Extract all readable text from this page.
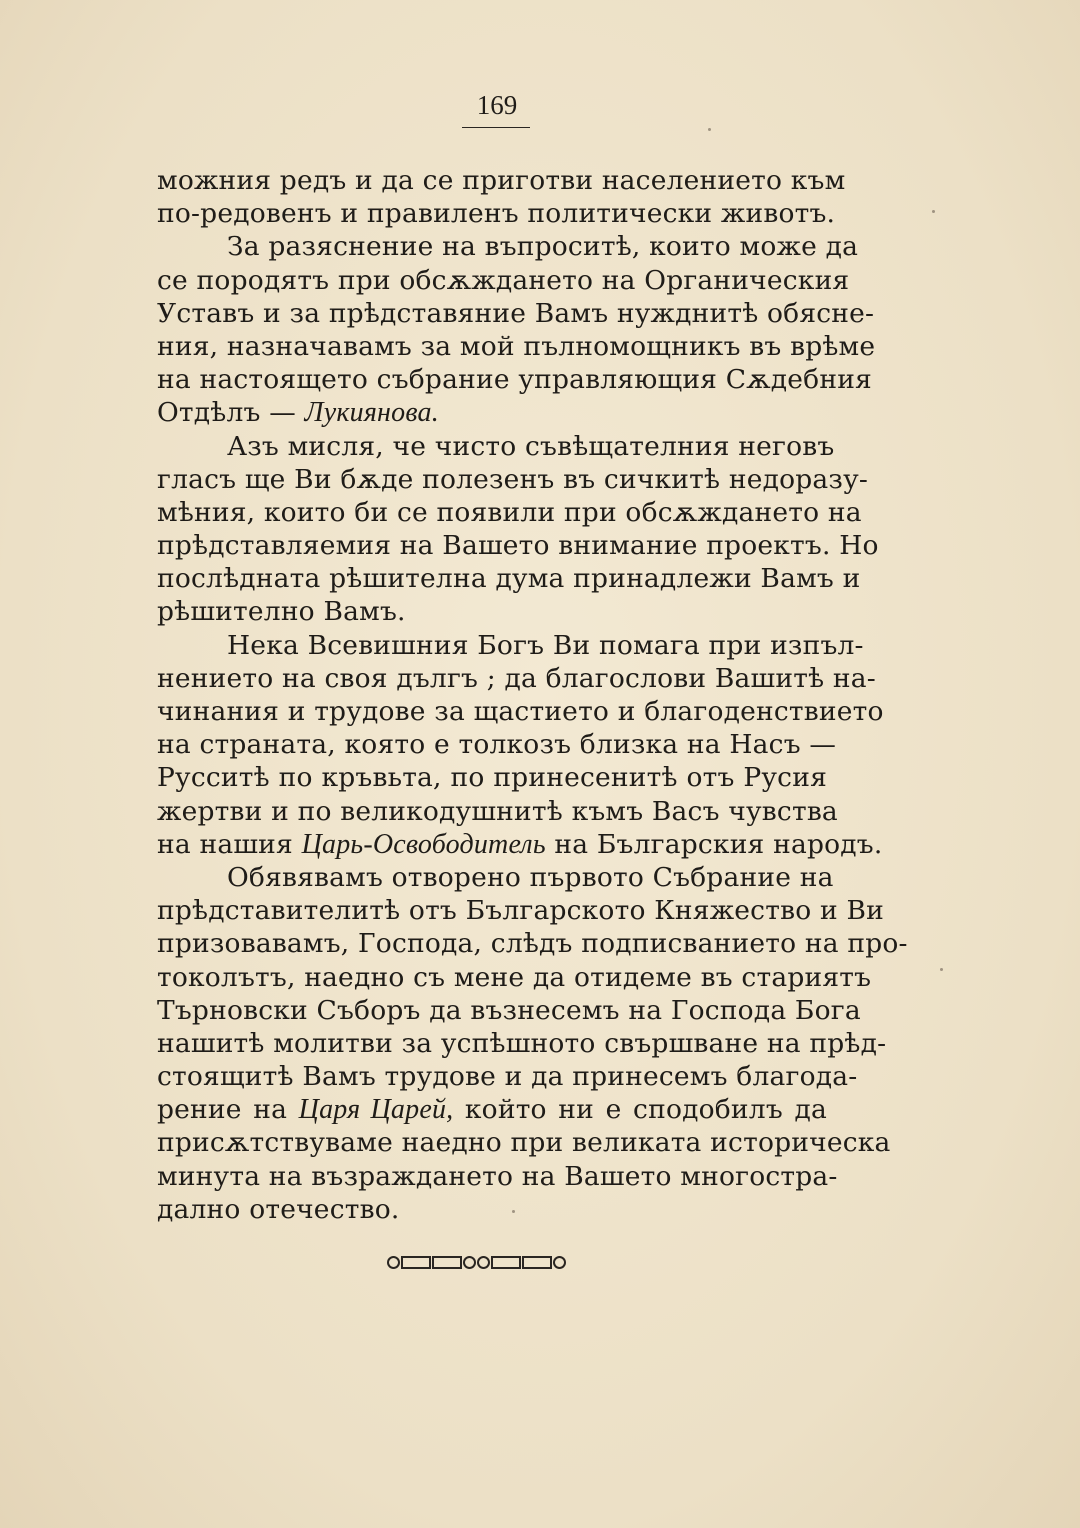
169
можния редъ и да се приготви населението към
по-редовенъ и правиленъ политически животъ.
За разяснение на въпроситѣ, които може да
се породятъ при обсѫждането на Органическия
Уставъ и за прѣдставяние Вамъ нужднитѣ обясне-
ния, назначавамъ за мой пълномощникъ въ врѣме
на настоящето събрание управляющия Сѫдебния
Отдѣлъ — Лукиянова.
Азъ мисля, че чисто съвѣщателния неговъ
гласъ ще Ви бѫде полезенъ въ сичкитѣ недоразу-
мѣния, които би се появили при обсѫждането на
прѣдставляемия на Вашето внимание проектъ. Но
послѣдната рѣшителна дума принадлежи Вамъ и
рѣшително Вамъ.
Нека Всевишния Богъ Ви помага при изпъл-
нението на своя дългъ ; да благослови Вашитѣ на-
чинания и трудове за щастието и благоденствието
на страната, която е толкозъ близка на Насъ —
Русситѣ по кръвьта, по принесенитѣ отъ Русия
жертви и по великодушнитѣ къмъ Васъ чувства
на нашия Царь-Освободитель на Българския народъ.
Обявявамъ отворено първото Събрание на
прѣдставителитѣ отъ Българското Княжество и Ви
призовавамъ, Господа, слѣдъ подписванието на про-
токолътъ, наедно съ мене да отидеме въ стариятъ
Търновски Съборъ да възнесемъ на Господа Бога
нашитѣ молитви за успѣшното свършване на прѣд-
стоящитѣ Вамъ трудове и да принесемъ благода-
рение на Царя Царей, който ни е сподобилъ да
присѫтствуваме наедно при великата историческа
минута на възраждането на Вашето многостра-
дално отечество.
